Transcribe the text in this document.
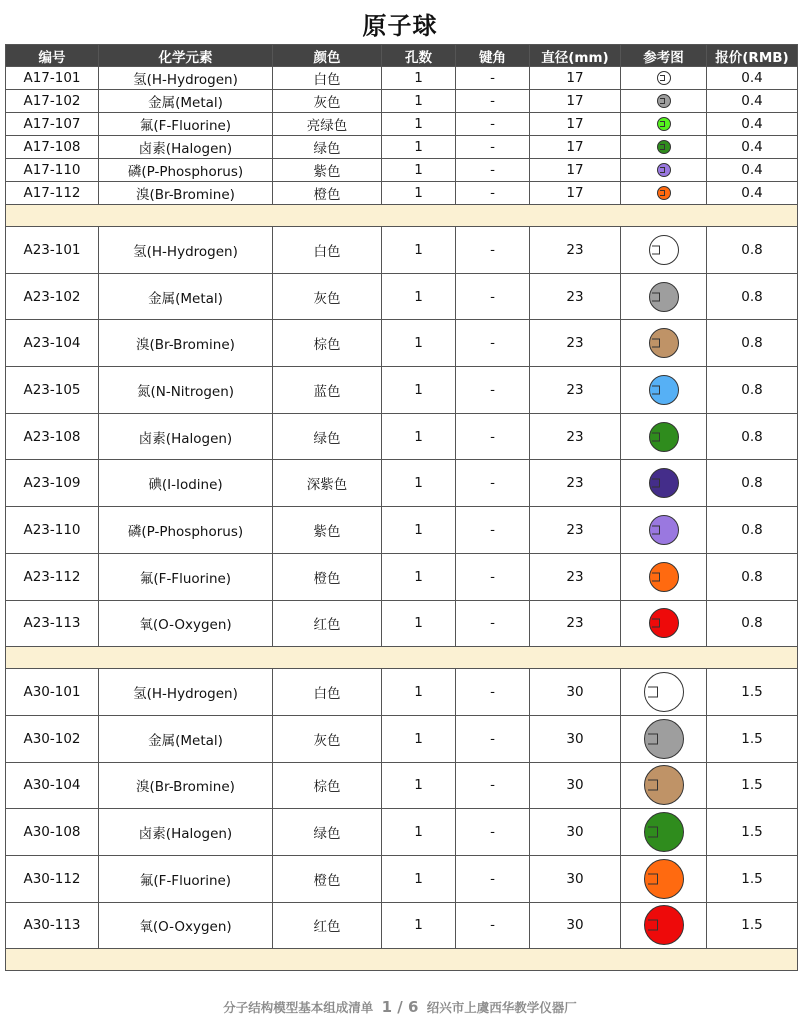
原子球
编号	化学元素	颜色	孔数	键角	直径(mm)	参考图	报价(RMB)
A17-101	氢(H-Hydrogen)	白色	1	-	17		0.4
A17-102	金属(Metal)	灰色	1	-	17		0.4
A17-107	氟(F-Fluorine)	亮绿色	1	-	17		0.4
A17-108	卤素(Halogen)	绿色	1	-	17		0.4
A17-110	磷(P-Phosphorus)	紫色	1	-	17		0.4
A17-112	溴(Br-Bromine)	橙色	1	-	17		0.4

A23-101	氢(H-Hydrogen)	白色	1	-	23		0.8
A23-102	金属(Metal)	灰色	1	-	23		0.8
A23-104	溴(Br-Bromine)	棕色	1	-	23		0.8
A23-105	氮(N-Nitrogen)	蓝色	1	-	23		0.8
A23-108	卤素(Halogen)	绿色	1	-	23		0.8
A23-109	碘(I-Iodine)	深紫色	1	-	23		0.8
A23-110	磷(P-Phosphorus)	紫色	1	-	23		0.8
A23-112	氟(F-Fluorine)	橙色	1	-	23		0.8
A23-113	氧(O-Oxygen)	红色	1	-	23		0.8

A30-101	氢(H-Hydrogen)	白色	1	-	30		1.5
A30-102	金属(Metal)	灰色	1	-	30		1.5
A30-104	溴(Br-Bromine)	棕色	1	-	30		1.5
A30-108	卤素(Halogen)	绿色	1	-	30		1.5
A30-112	氟(F-Fluorine)	橙色	1	-	30		1.5
A30-113	氧(O-Oxygen)	红色	1	-	30		1.5

分子结构模型基本组成清单 1 / 6 绍兴市上虞西华教学仪器厂
